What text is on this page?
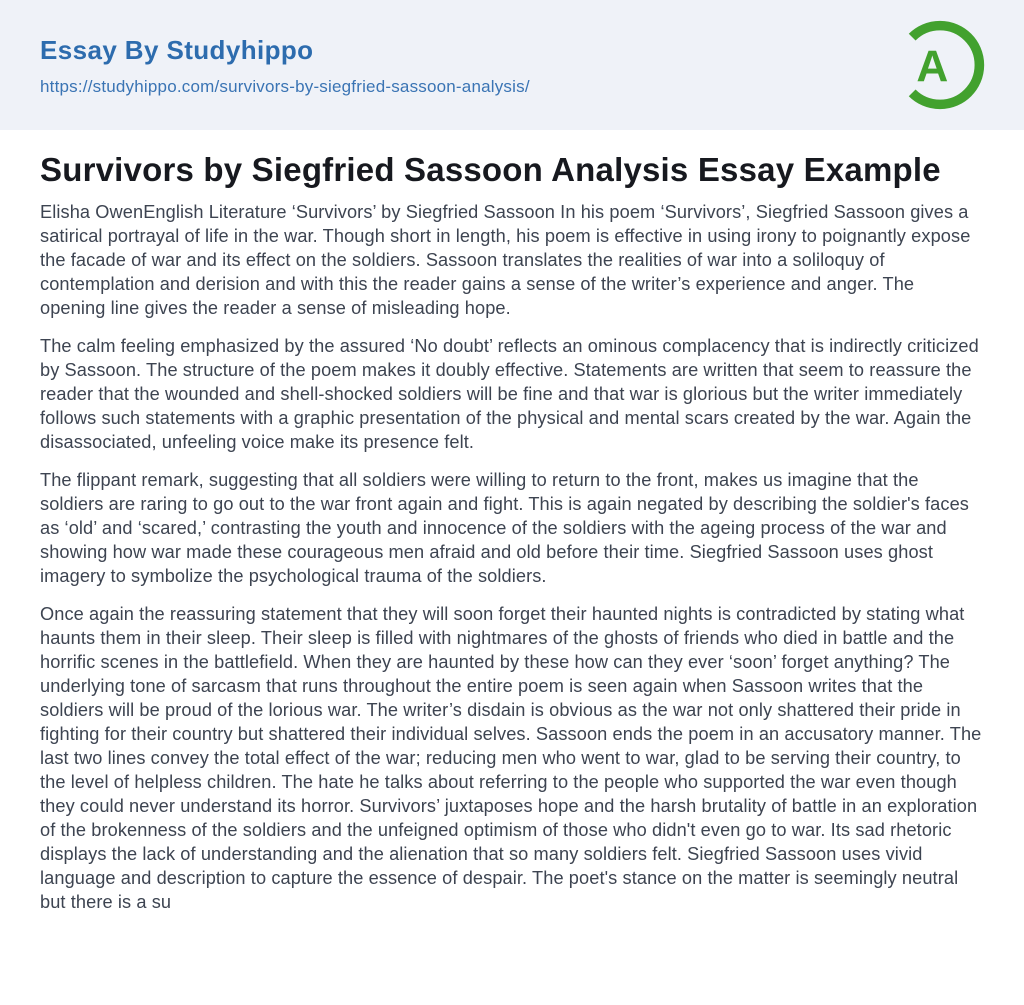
Essay By Studyhippo
https://studyhippo.com/survivors-by-siegfried-sassoon-analysis/	A
Survivors by Siegfried Sassoon Analysis Essay Example

Elisha OwenEnglish Literature ‘Survivors’ by Siegfried Sassoon In his poem ‘Survivors’, Siegfried Sassoon gives a satirical portrayal of life in the war. Though short in length, his poem is effective in using irony to poignantly expose the facade of war and its effect on the soldiers. Sassoon translates the realities of war into a soliloquy of contemplation and derision and with this the reader gains a sense of the writer’s experience and anger. The opening line gives the reader a sense of misleading hope.

The calm feeling emphasized by the assured ‘No doubt’ reflects an ominous complacency that is indirectly criticized by Sassoon. The structure of the poem makes it doubly effective. Statements are written that seem to reassure the reader that the wounded and shell-shocked soldiers will be fine and that war is glorious but the writer immediately follows such statements with a graphic presentation of the physical and mental scars created by the war. Again the disassociated, unfeeling voice make its presence felt.

The flippant remark, suggesting that all soldiers were willing to return to the front, makes us imagine that the soldiers are raring to go out to the war front again and fight. This is again negated by describing the soldier's faces as ‘old’ and ‘scared,’ contrasting the youth and innocence of the soldiers with the ageing process of the war and showing how war made these courageous men afraid and old before their time. Siegfried Sassoon uses ghost imagery to symbolize the psychological trauma of the soldiers.

Once again the reassuring statement that they will soon forget their haunted nights is contradicted by stating what haunts them in their sleep. Their sleep is filled with nightmares of the ghosts of friends who died in battle and the horrific scenes in the battlefield. When they are haunted by these how can they ever ‘soon’ forget anything? The underlying tone of sarcasm that runs throughout the entire poem is seen again when Sassoon writes that the soldiers will be proud of the lorious war. The writer’s disdain is obvious as the war not only shattered their pride in fighting for their country but shattered their individual selves. Sassoon ends the poem in an accusatory manner. The last two lines convey the total effect of the war; reducing men who went to war, glad to be serving their country, to the level of helpless children. The hate he talks about referring to the people who supported the war even though they could never understand its horror. Survivors’ juxtaposes hope and the harsh brutality of battle in an exploration of the brokenness of the soldiers and the unfeigned optimism of those who didn't even go to war. Its sad rhetoric displays the lack of understanding and the alienation that so many soldiers felt. Siegfried Sassoon uses vivid language and description to capture the essence of despair. The poet's stance on the matter is seemingly neutral but there is a su
